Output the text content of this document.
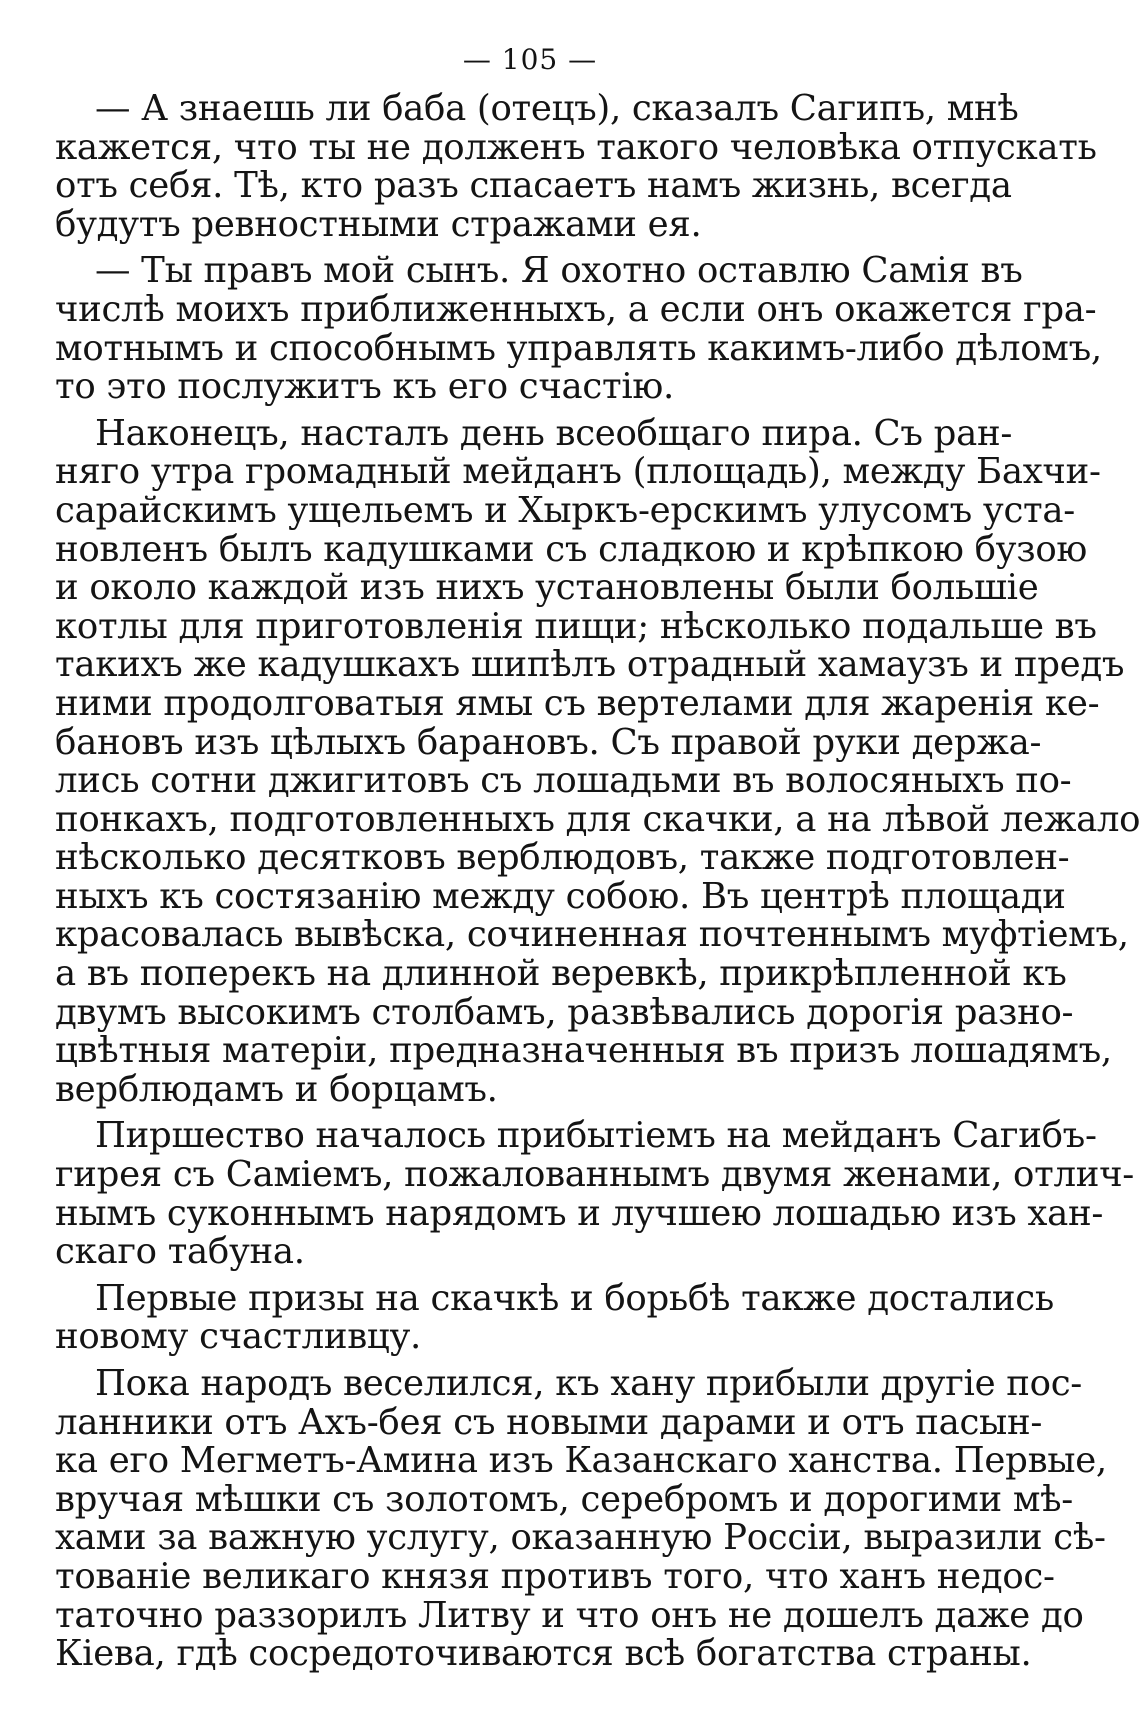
— 105 —
— А знаешь ли баба (отецъ), сказалъ Сагипъ, мнѣ
кажется, что ты не долженъ такого человѣка отпускать
отъ себя. Тѣ, кто разъ спасаетъ намъ жизнь, всегда
будутъ ревностными стражами ея.
— Ты правъ мой сынъ. Я охотно оставлю Самія въ
числѣ моихъ приближенныхъ, а если онъ окажется гра-
мотнымъ и способнымъ управлять какимъ-либо дѣломъ,
то это послужитъ къ его счастію.
Наконецъ, насталъ день всеобщаго пира. Съ ран-
няго утра громадный мейданъ (площадь), между Бахчи-
сарайскимъ ущельемъ и Хыркъ-ерскимъ улусомъ уста-
новленъ былъ кадушками съ сладкою и крѣпкою бузою
и около каждой изъ нихъ установлены были большіе
котлы для приготовленія пищи; нѣсколько подальше въ
такихъ же кадушкахъ шипѣлъ отрадный хамаузъ и предъ
ними продолговатыя ямы съ вертелами для жаренія ке-
бановъ изъ цѣлыхъ барановъ. Съ правой руки держа-
лись сотни джигитовъ съ лошадьми въ волосяныхъ по-
понкахъ, подготовленныхъ для скачки, а на лѣвой лежало
нѣсколько десятковъ верблюдовъ, также подготовлен-
ныхъ къ состязанію между собою. Въ центрѣ площади
красовалась вывѣска, сочиненная почтеннымъ муфтіемъ,
а въ поперекъ на длинной веревкѣ, прикрѣпленной къ
двумъ высокимъ столбамъ, развѣвались дорогія разно-
цвѣтныя матеріи, предназначенныя въ призъ лошадямъ,
верблюдамъ и борцамъ.
Пиршество началось прибытіемъ на мейданъ Сагибъ-
гирея съ Саміемъ, пожалованнымъ двумя женами, отлич-
нымъ суконнымъ нарядомъ и лучшею лошадью изъ хан-
скаго табуна.
Первые призы на скачкѣ и борьбѣ также достались
новому счастливцу.
Пока народъ веселился, къ хану прибыли другіе пос-
ланники отъ Ахъ-бея съ новыми дарами и отъ пасын-
ка его Мегметъ-Амина изъ Казанскаго ханства. Первые,
вручая мѣшки съ золотомъ, серебромъ и дорогими мѣ-
хами за важную услугу, оказанную Россіи, выразили сѣ-
тованіе великаго князя противъ того, что ханъ недос-
таточно раззорилъ Литву и что онъ не дошелъ даже до
Кіева, гдѣ сосредоточиваются всѣ богатства страны.
